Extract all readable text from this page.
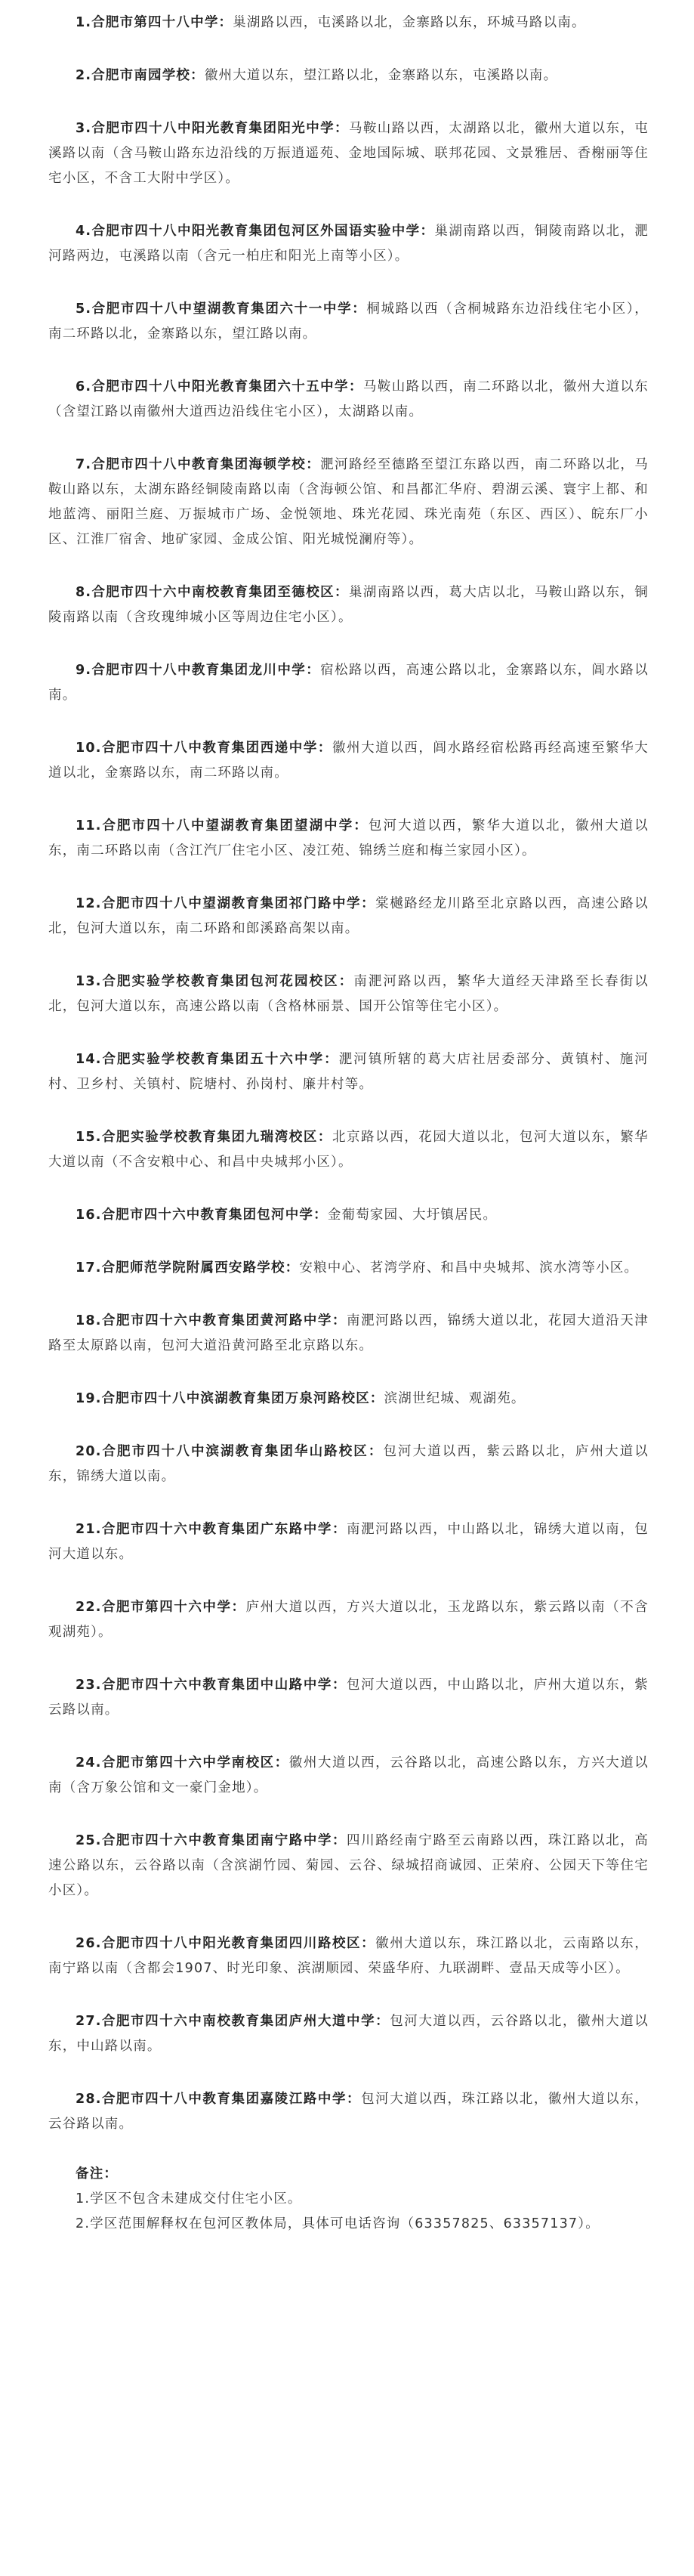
1.合肥市第四十八中学：巢湖路以西，屯溪路以北，金寨路以东，环城马路以南。

2.合肥市南园学校：徽州大道以东，望江路以北，金寨路以东，屯溪路以南。

3.合肥市四十八中阳光教育集团阳光中学：马鞍山路以西，太湖路以北，徽州大道以东，屯溪路以南（含马鞍山路东边沿线的万振逍遥苑、金地国际城、联邦花园、文景雅居、香榭丽等住宅小区，不含工大附中学区）。

4.合肥市四十八中阳光教育集团包河区外国语实验中学：巢湖南路以西，铜陵南路以北，淝河路两边，屯溪路以南（含元一柏庄和阳光上南等小区）。

5.合肥市四十八中望湖教育集团六十一中学：桐城路以西（含桐城路东边沿线住宅小区），南二环路以北，金寨路以东，望江路以南。

6.合肥市四十八中阳光教育集团六十五中学：马鞍山路以西，南二环路以北，徽州大道以东（含望江路以南徽州大道西边沿线住宅小区），太湖路以南。

7.合肥市四十八中教育集团海顿学校：淝河路经至德路至望江东路以西，南二环路以北，马鞍山路以东，太湖东路经铜陵南路以南（含海顿公馆、和昌都汇华府、碧湖云溪、寰宇上都、和地蓝湾、丽阳兰庭、万振城市广场、金悦领地、珠光花园、珠光南苑（东区、西区）、皖东厂小区、江淮厂宿舍、地矿家园、金成公馆、阳光城悦澜府等）。

8.合肥市四十六中南校教育集团至德校区：巢湖南路以西，葛大店以北，马鞍山路以东，铜陵南路以南（含玫瑰绅城小区等周边住宅小区）。

9.合肥市四十八中教育集团龙川中学：宿松路以西，高速公路以北，金寨路以东，阊水路以南。

10.合肥市四十八中教育集团西递中学：徽州大道以西，阊水路经宿松路再经高速至繁华大道以北，金寨路以东，南二环路以南。

11.合肥市四十八中望湖教育集团望湖中学：包河大道以西，繁华大道以北，徽州大道以东，南二环路以南（含江汽厂住宅小区、凌江苑、锦绣兰庭和梅兰家园小区）。

12.合肥市四十八中望湖教育集团祁门路中学：棠樾路经龙川路至北京路以西，高速公路以北，包河大道以东，南二环路和郎溪路高架以南。

13.合肥实验学校教育集团包河花园校区：南淝河路以西，繁华大道经天津路至长春街以北，包河大道以东，高速公路以南（含格林丽景、国开公馆等住宅小区）。

14.合肥实验学校教育集团五十六中学：淝河镇所辖的葛大店社居委部分、黄镇村、施河村、卫乡村、关镇村、院塘村、孙岗村、廉井村等。

15.合肥实验学校教育集团九瑞湾校区：北京路以西，花园大道以北，包河大道以东，繁华大道以南（不含安粮中心、和昌中央城邦小区）。

16.合肥市四十六中教育集团包河中学：金葡萄家园、大圩镇居民。

17.合肥师范学院附属西安路学校：安粮中心、茗湾学府、和昌中央城邦、滨水湾等小区。

18.合肥市四十六中教育集团黄河路中学：南淝河路以西，锦绣大道以北，花园大道沿天津路至太原路以南，包河大道沿黄河路至北京路以东。

19.合肥市四十八中滨湖教育集团万泉河路校区：滨湖世纪城、观湖苑。

20.合肥市四十八中滨湖教育集团华山路校区：包河大道以西，紫云路以北，庐州大道以东，锦绣大道以南。

21.合肥市四十六中教育集团广东路中学：南淝河路以西，中山路以北，锦绣大道以南，包河大道以东。

22.合肥市第四十六中学：庐州大道以西，方兴大道以北，玉龙路以东，紫云路以南（不含观湖苑）。

23.合肥市四十六中教育集团中山路中学：包河大道以西，中山路以北，庐州大道以东，紫云路以南。

24.合肥市第四十六中学南校区：徽州大道以西，云谷路以北，高速公路以东，方兴大道以南（含万象公馆和文一豪门金地）。

25.合肥市四十六中教育集团南宁路中学：四川路经南宁路至云南路以西，珠江路以北，高速公路以东，云谷路以南（含滨湖竹园、菊园、云谷、绿城招商诚园、正荣府、公园天下等住宅小区）。

26.合肥市四十八中阳光教育集团四川路校区：徽州大道以东，珠江路以北，云南路以东，南宁路以南（含都会1907、时光印象、滨湖顺园、荣盛华府、九联湖畔、壹品天成等小区）。

27.合肥市四十六中南校教育集团庐州大道中学：包河大道以西，云谷路以北，徽州大道以东，中山路以南。

28.合肥市四十八中教育集团嘉陵江路中学：包河大道以西，珠江路以北，徽州大道以东，云谷路以南。

备注：
1.学区不包含未建成交付住宅小区。
2.学区范围解释权在包河区教体局，具体可电话咨询（63357825、63357137）。
